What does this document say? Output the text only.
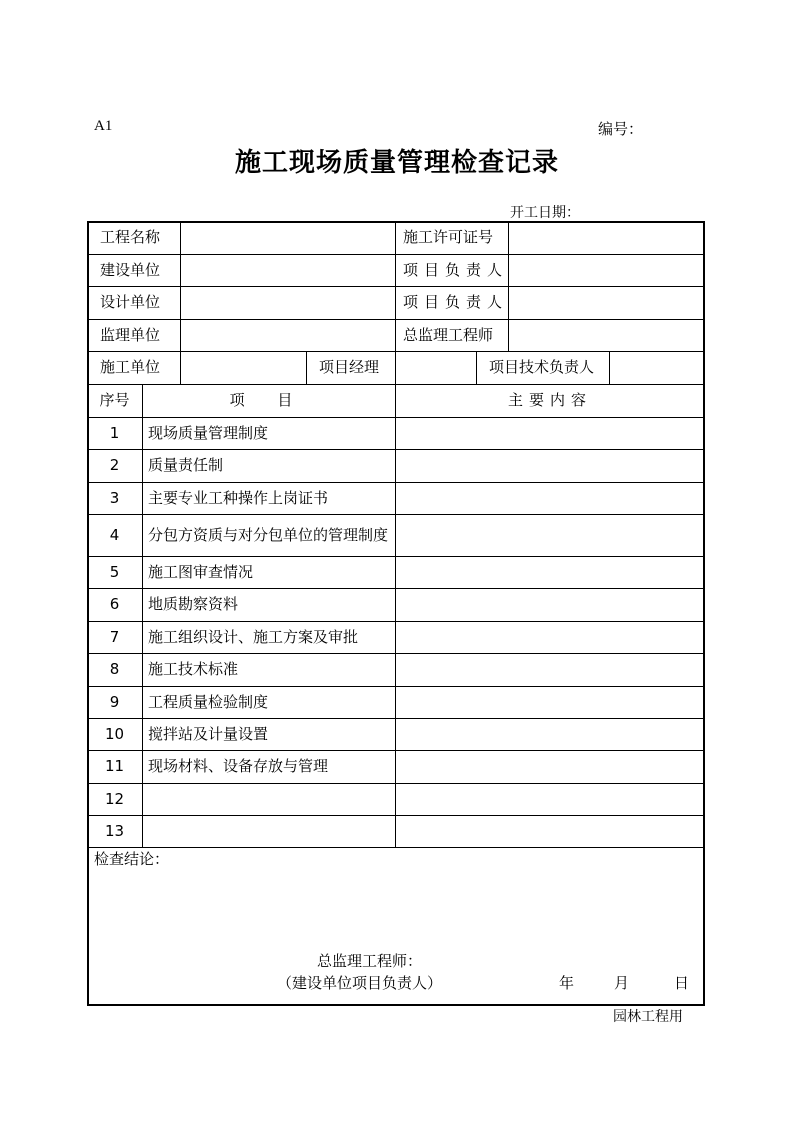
A1	编号：
施工现场质量管理检查记录
开工日期：
工程名称	施工许可证号
建设单位	项目负责人
设计单位	项目负责人
监理单位	总监理工程师
施工单位	项目经理	项目技术负责人
序号	项 目	主要内容
1	现场质量管理制度
2	质量责任制
3	主要专业工种操作上岗证书
4	分包方资质与对分包单位的管理制度
5	施工图审查情况
6	地质勘察资料
7	施工组织设计、施工方案及审批
8	施工技术标准
9	工程质量检验制度
10	搅拌站及计量设置
11	现场材料、设备存放与管理
12
13
检查结论：
总监理工程师：
（建设单位项目负责人）	年	月	日
园林工程用
